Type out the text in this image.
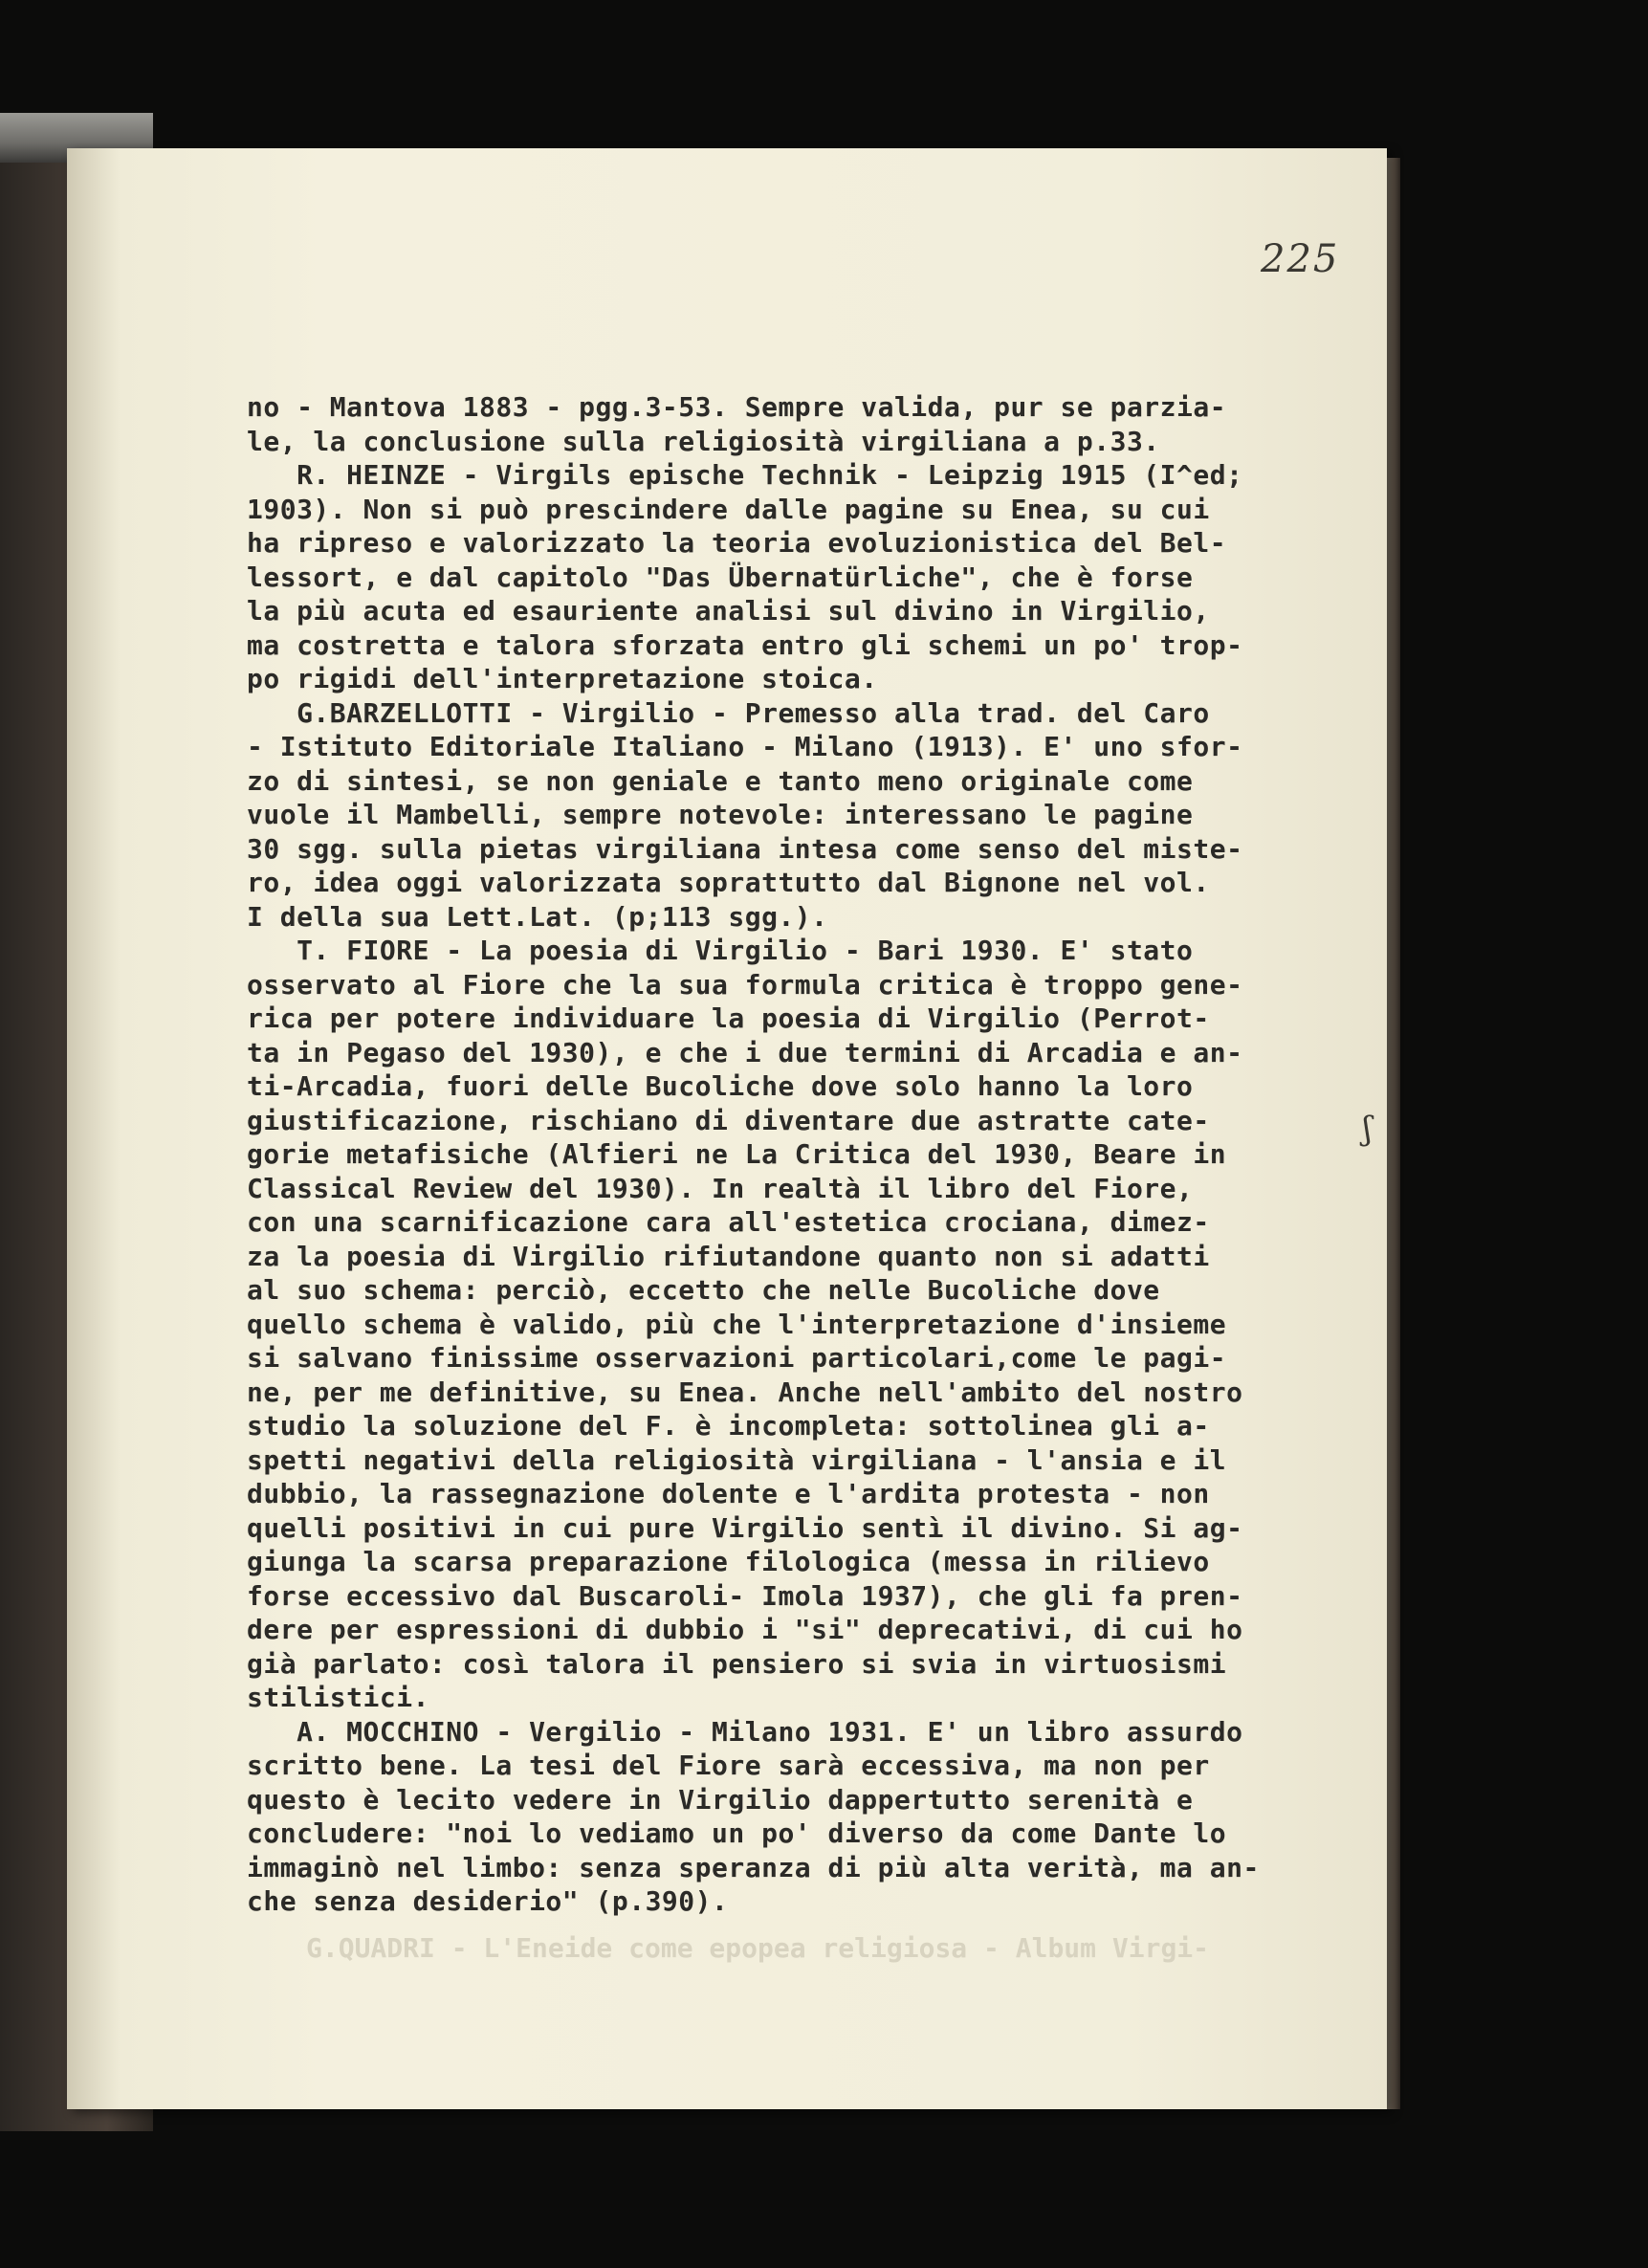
225
G.QUADRI - L'Eneide come epopea religiosa - Album Virgi-
no - Mantova 1883 - pgg.3-53. Sempre valida, pur se parzia-
le, la conclusione sulla religiosità virgiliana a p.33.
R. HEINZE - Virgils epische Technik - Leipzig 1915 (I^ed;
1903). Non si può prescindere dalle pagine su Enea, su cui
ha ripreso e valorizzato la teoria evoluzionistica del Bel-
lessort, e dal capitolo "Das Übernatürliche", che è forse
la più acuta ed esauriente analisi sul divino in Virgilio,
ma costretta e talora sforzata entro gli schemi un po' trop-
po rigidi dell'interpretazione stoica.
G.BARZELLOTTI - Virgilio - Premesso alla trad. del Caro
- Istituto Editoriale Italiano - Milano (1913). E' uno sfor-
zo di sintesi, se non geniale e tanto meno originale come
vuole il Mambelli, sempre notevole: interessano le pagine
30 sgg. sulla pietas virgiliana intesa come senso del miste-
ro, idea oggi valorizzata soprattutto dal Bignone nel vol.
I della sua Lett.Lat. (p;113 sgg.).
T. FIORE - La poesia di Virgilio - Bari 1930. E' stato
osservato al Fiore che la sua formula critica è troppo gene-
rica per potere individuare la poesia di Virgilio (Perrot-
ta in Pegaso del 1930), e che i due termini di Arcadia e an-
ti-Arcadia, fuori delle Bucoliche dove solo hanno la loro
giustificazione, rischiano di diventare due astratte cate-
gorie metafisiche (Alfieri ne La Critica del 1930, Beare in
Classical Review del 1930). In realtà il libro del Fiore,
con una scarnificazione cara all'estetica crociana, dimez-
za la poesia di Virgilio rifiutandone quanto non si adatti
al suo schema: perciò, eccetto che nelle Bucoliche dove
quello schema è valido, più che l'interpretazione d'insieme
si salvano finissime osservazioni particolari,come le pagi-
ne, per me definitive, su Enea. Anche nell'ambito del nostro
studio la soluzione del F. è incompleta: sottolinea gli a-
spetti negativi della religiosità virgiliana - l'ansia e il
dubbio, la rassegnazione dolente e l'ardita protesta - non
quelli positivi in cui pure Virgilio sentì il divino. Si ag-
giunga la scarsa preparazione filologica (messa in rilievo
forse eccessivo dal Buscaroli- Imola 1937), che gli fa pren-
dere per espressioni di dubbio i "si" deprecativi, di cui ho
già parlato: così talora il pensiero si svia in virtuosismi
stilistici.
A. MOCCHINO - Vergilio - Milano 1931. E' un libro assurdo
scritto bene. La tesi del Fiore sarà eccessiva, ma non per
questo è lecito vedere in Virgilio dappertutto serenità e
concludere: "noi lo vediamo un po' diverso da come Dante lo
immaginò nel limbo: senza speranza di più alta verità, ma an-
che senza desiderio" (p.390).
ʃ
